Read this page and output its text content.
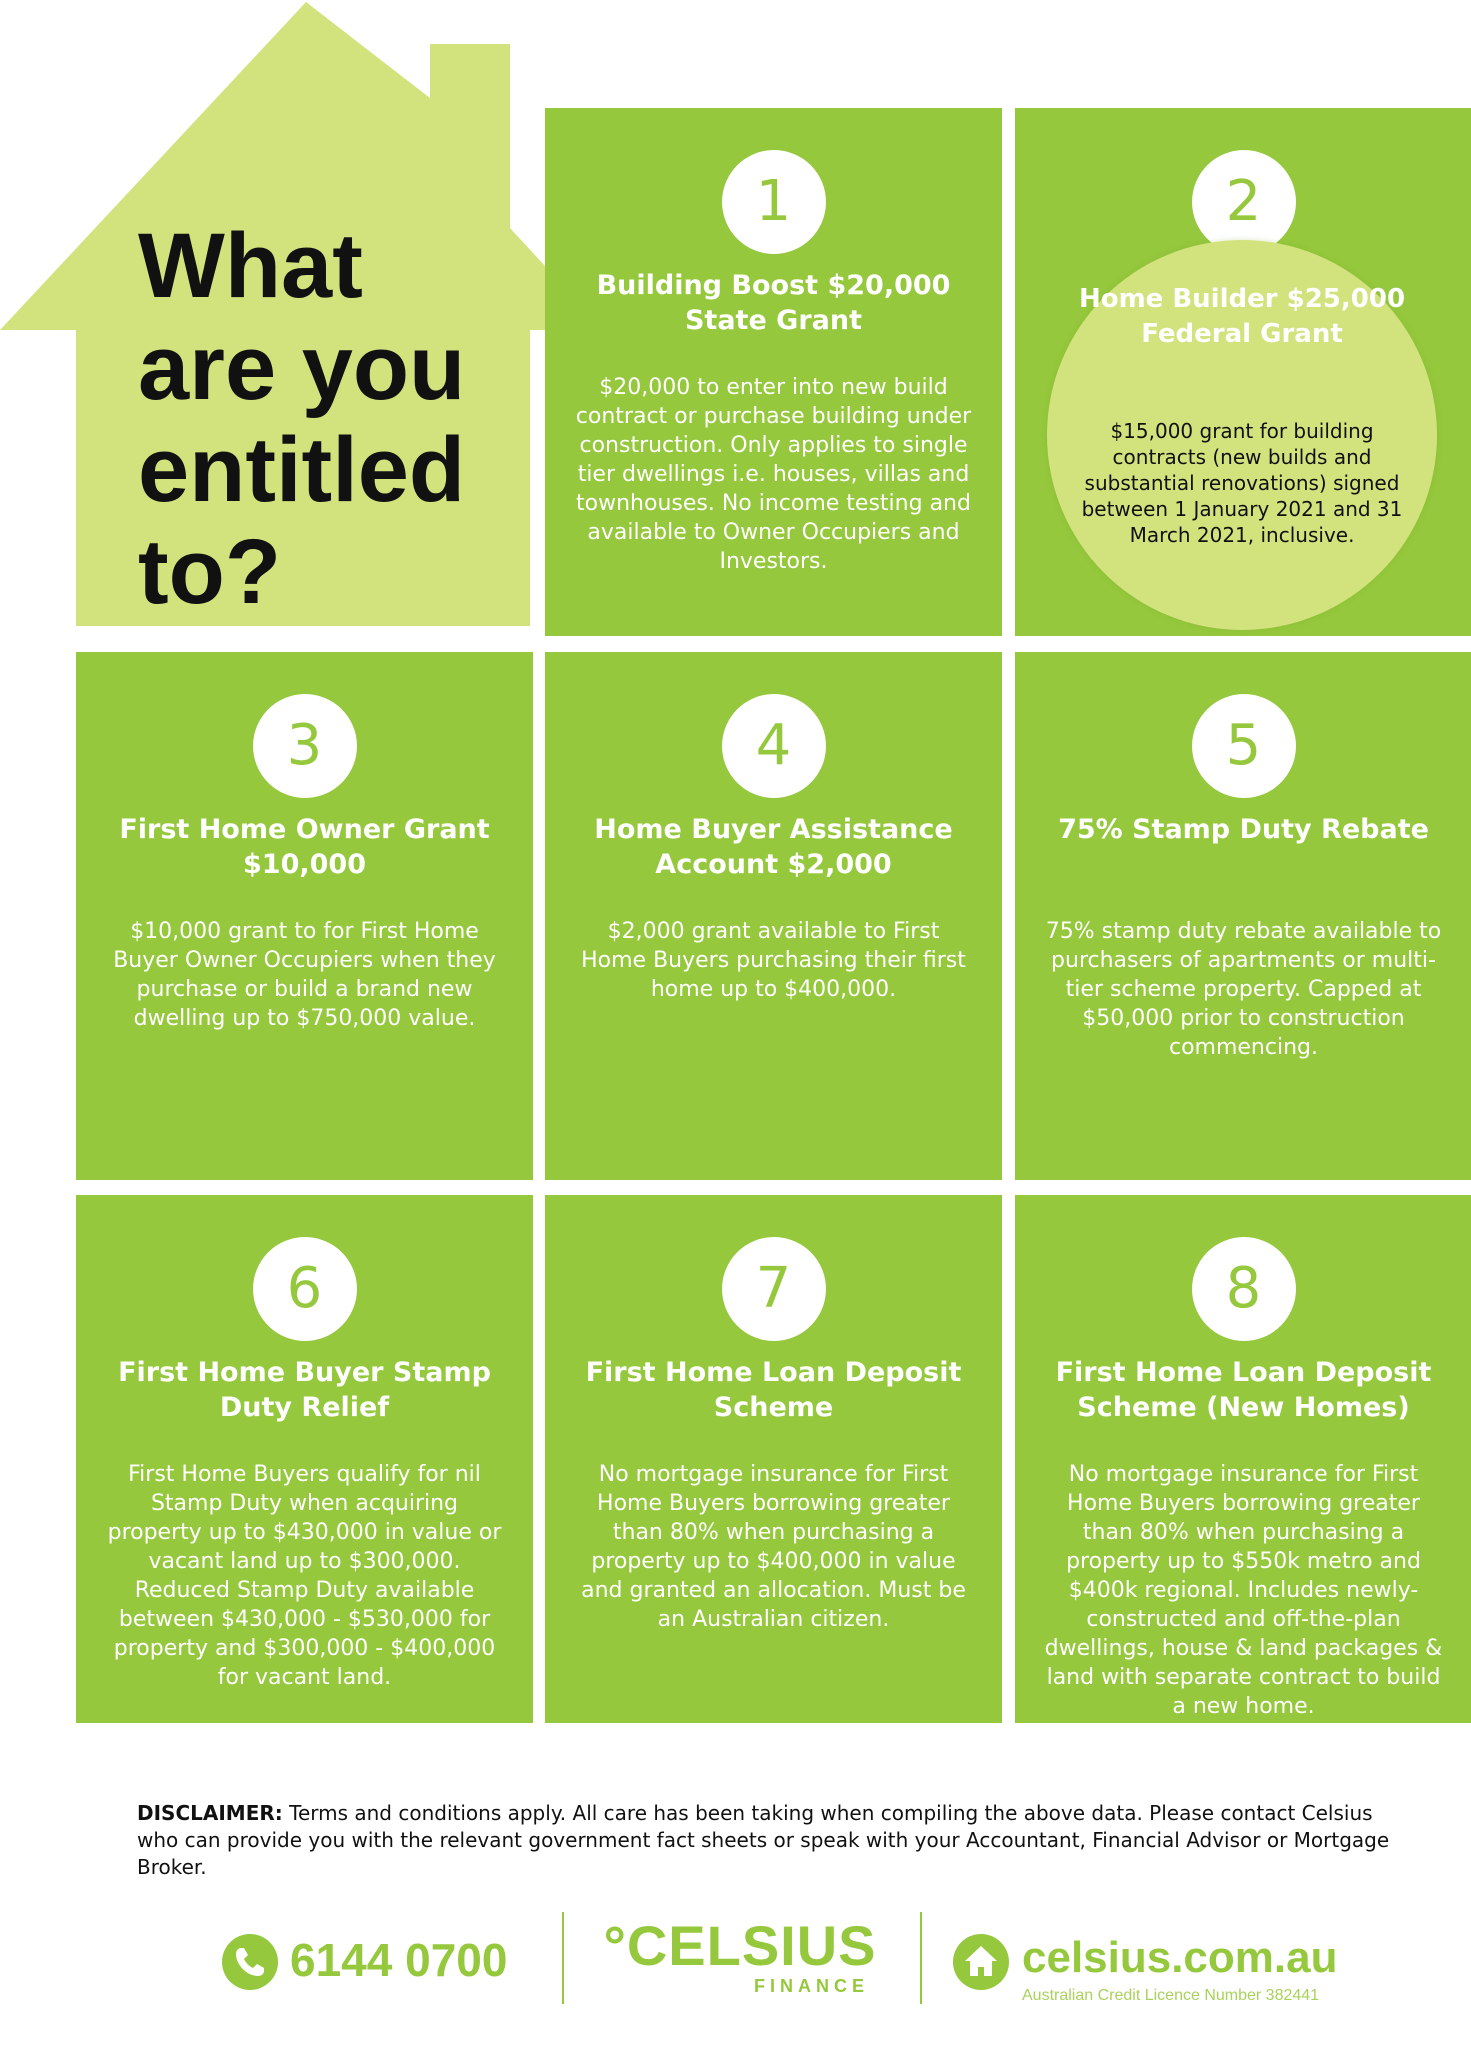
What
are you
entitled
to?
1
Building Boost $20,000 State Grant

$20,000 to enter into new build contract or purchase building under construction. Only applies to single tier dwellings i.e. houses, villas and townhouses. No income testing and available to Owner Occupiers and Investors.

2

Home Builder $25,000 Federal Grant

$15,000 grant for building contracts (new builds and substantial renovations) signed between 1 January 2021 and 31 March 2021, inclusive.

3
First Home Owner Grant $10,000

$10,000 grant to for First Home Buyer Owner Occupiers when they purchase or build a brand new dwelling up to $750,000 value.

4
Home Buyer Assistance Account $2,000

$2,000 grant available to First Home Buyers purchasing their first home up to $400,000.

5
75% Stamp Duty Rebate

75% stamp duty rebate available to purchasers of apartments or multi-tier scheme property. Capped at $50,000 prior to construction commencing.

6
First Home Buyer Stamp Duty Relief

First Home Buyers qualify for nil Stamp Duty when acquiring property up to $430,000 in value or vacant land up to $300,000. Reduced Stamp Duty available between $430,000 - $530,000 for property and $300,000 - $400,000 for vacant land.

7
First Home Loan Deposit Scheme

No mortgage insurance for First Home Buyers borrowing greater than 80% when purchasing a property up to $400,000 in value and granted an allocation. Must be an Australian citizen.

8
First Home Loan Deposit Scheme (New Homes)

No mortgage insurance for First Home Buyers borrowing greater than 80% when purchasing a property up to $550k metro and $400k regional. Includes newly-constructed and off-the-plan dwellings, house & land packages & land with separate contract to build a new home.

DISCLAIMER: Terms and conditions apply. All care has been taking when compiling the above data. Please contact Celsius who can provide you with the relevant government fact sheets or speak with your Accountant, Financial Advisor or Mortgage Broker.

6144 0700 °CELSIUS
FINANCE
celsius.com.au
Australian Credit Licence Number 382441
